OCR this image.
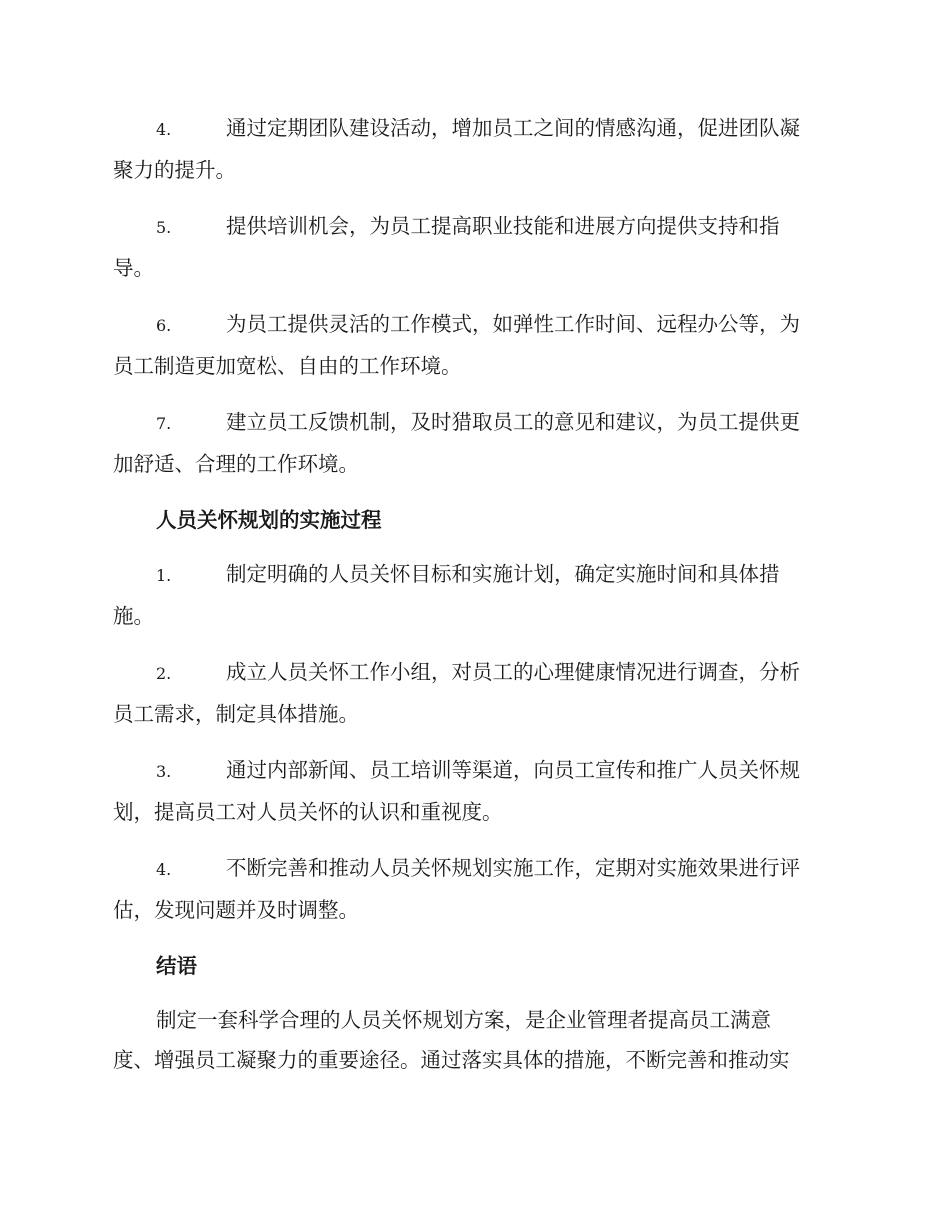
4.	通过定期团队建设活动，增加员工之间的情感沟通，促进团队凝
聚力的提升。
5.	提供培训机会，为员工提高职业技能和进展方向提供支持和指
导。
6.	为员工提供灵活的工作模式，如弹性工作时间、远程办公等，为
员工制造更加宽松、自由的工作环境。
7.	建立员工反馈机制，及时猎取员工的意见和建议，为员工提供更
加舒适、合理的工作环境。
人员关怀规划的实施过程
1.	制定明确的人员关怀目标和实施计划，确定实施时间和具体措
施。
2.	成立人员关怀工作小组，对员工的心理健康情况进行调查，分析
员工需求，制定具体措施。
3.	通过内部新闻、员工培训等渠道，向员工宣传和推广人员关怀规
划，提高员工对人员关怀的认识和重视度。
4.	不断完善和推动人员关怀规划实施工作，定期对实施效果进行评
估，发现问题并及时调整。
结语
制定一套科学合理的人员关怀规划方案，是企业管理者提高员工满意
度、增强员工凝聚力的重要途径。通过落实具体的措施，不断完善和推动实
